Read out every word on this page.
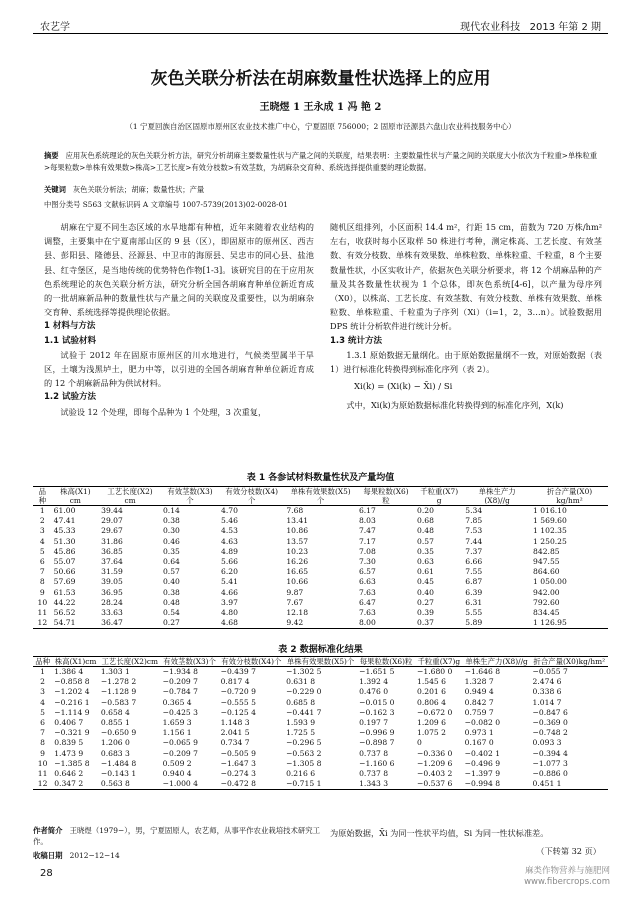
农艺学	现代农业科技 2013 年第 2 期
灰色关联分析法在胡麻数量性状选择上的应用
王晓煜 1 王永成 1 冯 艳 2
（1 宁夏回族自治区固原市原州区农业技术推广中心，宁夏固原 756000；2 固原市泾源县六盘山农业科技服务中心）
摘要 应用灰色系统理论的灰色关联分析方法，研究分析胡麻主要数量性状与产量之间的关联度，结果表明：主要数量性状与产量之间的关联度大小依次为千粒重>单株粒重>每果粒数>单株有效果数>株高>工艺长度>有效分枝数>有效茎数，为胡麻杂交育种、系统选择提供重要的理论数据。
关键词 灰色关联分析法；胡麻；数量性状；产量
中图分类号 S563 文献标识码 A 文章编号 1007-5739(2013)02-0028-01
胡麻在宁夏不同生态区域的水旱地都有种植，近年来随着农业结构的调整，主要集中在宁夏南部山区的 9 县（区），即固原市的原州区、西吉县、彭阳县、隆德县、泾源县、中卫市的海原县、吴忠市的同心县、盐池县、红寺堡区，是当地传统的优势特色作物[1-3]。该研究目的在于应用灰色系统理论的灰色关联分析方法，研究分析全国各胡麻育种单位新近育成的一批胡麻新品种的数量性状与产量之间的关联度及重要性，以为胡麻杂交育种、系统选择等提供理论依据。
1 材料与方法
1.1 试验材料
试验于 2012 年在固原市原州区的川水地进行，气候类型属半干旱区，土壤为浅黑垆土，肥力中等，以引进的全国各胡麻育种单位新近育成的 12 个胡麻新品种为供试材料。
1.2 试验方法
试验设 12 个处理，即每个品种为 1 个处理，3 次重复，
随机区组排列，小区面积 14.4 m²，行距 15 cm，苗数为 720 万株/hm² 左右，收获时每小区取样 50 株进行考种，测定株高、工艺长度、有效茎数、有效分枝数、单株有效果数、单株粒数、单株粒重、千粒重，8 个主要数量性状，小区实收计产，依据灰色关联分析要求，将 12 个胡麻品种的产量及其各数量性状视为 1 个总体，即灰色系统[4-6]，以产量为母序列（X0），以株高、工艺长度、有效茎数、有效分枝数、单株有效果数、单株粒数、单株粒重、千粒重为子序列（Xi）（i=1，2，3…n）。试验数据用 DPS 统计分析软件进行统计分析。
1.3 统计方法
1.3.1 原始数据无量纲化。由于原始数据量纲不一致，对原始数据（表 1）进行标准化转换得到标准化序列（表 2）。
Xi(k) = (Xi(k) − X̄i) / Si
式中，Xi(k)为原始数据标准化转换得到的标准化序列，X(k)
表 1 各参试材料数量性状及产量均值
品种	株高(X1) cm	工艺长度(X2) cm	有效茎数(X3) 个	有效分枝数(X4) 个	单株有效果数(X5) 个	每果粒数(X6) 粒	千粒重(X7) g	单株生产力 (X8)//g	折合产量(X0) kg/hm²
1	61.00	39.44	0.14	4.70	7.68	6.17	0.20	5.34	1 016.10
2	47.41	29.07	0.38	5.46	13.41	8.03	0.68	7.85	1 569.60
3	45.33	29.67	0.30	4.53	10.86	7.47	0.48	7.53	1 102.35
4	51.30	31.86	0.46	4.63	13.57	7.17	0.57	7.44	1 250.25
5	45.86	36.85	0.35	4.89	10.23	7.08	0.35	7.37	842.85
6	55.07	37.64	0.64	5.66	16.26	7.30	0.63	6.66	947.55
7	50.66	31.59	0.57	6.20	16.65	6.57	0.61	7.55	864.60
8	57.69	39.05	0.40	5.41	10.66	6.63	0.45	6.87	1 050.00
9	61.53	36.95	0.38	4.66	9.87	7.63	0.40	6.39	942.00
10	44.22	28.24	0.48	3.97	7.67	6.47	0.27	6.31	792.60
11	56.52	33.63	0.54	4.80	12.18	7.63	0.39	5.55	834.45
12	54.71	36.47	0.27	4.68	9.42	8.00	0.37	5.89	1 126.95
表 2 数据标准化结果
品种	株高(X1)cm	工艺长度(X2)cm	有效茎数(X3)个	有效分枝数(X4)个	单株有效果数(X5)个	每果粒数(X6)粒	千粒重(X7)g	单株生产力(X8)//g	折合产量(X0)kg/hm²
1	1.386 4	1.303 1	−1.934 8	−0.439 7	−1.302 5	−1.651 5	−1.680 0	−1.646 8	−0.055 7
2	−0.858 8	−1.278 2	−0.209 7	0.817 4	0.631 8	1.392 4	1.545 6	1.328 7	2.474 6
3	−1.202 4	−1.128 9	−0.784 7	−0.720 9	−0.229 0	0.476 0	0.201 6	0.949 4	0.338 6
4	−0.216 1	−0.583 7	0.365 4	−0.555 5	0.685 8	−0.015 0	0.806 4	0.842 7	1.014 7
5	−1.114 9	0.658 4	−0.425 3	−0.125 4	−0.441 7	−0.162 3	−0.672 0	0.759 7	−0.847 6
6	0.406 7	0.855 1	1.659 3	1.148 3	1.593 9	0.197 7	1.209 6	−0.082 0	−0.369 0
7	−0.321 9	−0.650 9	1.156 1	2.041 5	1.725 5	−0.996 9	1.075 2	0.973 1	−0.748 2
8	0.839 5	1.206 0	−0.065 9	0.734 7	−0.296 5	−0.898 7	0	0.167 0	0.093 3
9	1.473 9	0.683 3	−0.209 7	−0.505 9	−0.563 2	0.737 8	−0.336 0	−0.402 1	−0.394 4
10	−1.385 8	−1.484 8	0.509 2	−1.647 3	−1.305 8	−1.160 6	−1.209 6	−0.496 9	−1.077 3
11	0.646 2	−0.143 1	0.940 4	−0.274 3	0.216 6	0.737 8	−0.403 2	−1.397 9	−0.886 0
12	0.347 2	0.563 8	−1.000 4	−0.472 8	−0.715 1	1.343 3	−0.537 6	−0.994 8	0.451 1
作者简介 王晓煜（1979−），男，宁夏固原人，农艺师，从事平作农业栽培技术研究工作。
收稿日期 2012−12−14
为原始数据，X̄i 为同一性状平均值，Si 为同一性状标准差。
（下转第 32 页）
28	麻类作物营养与施肥网 www.fibercrops.com
